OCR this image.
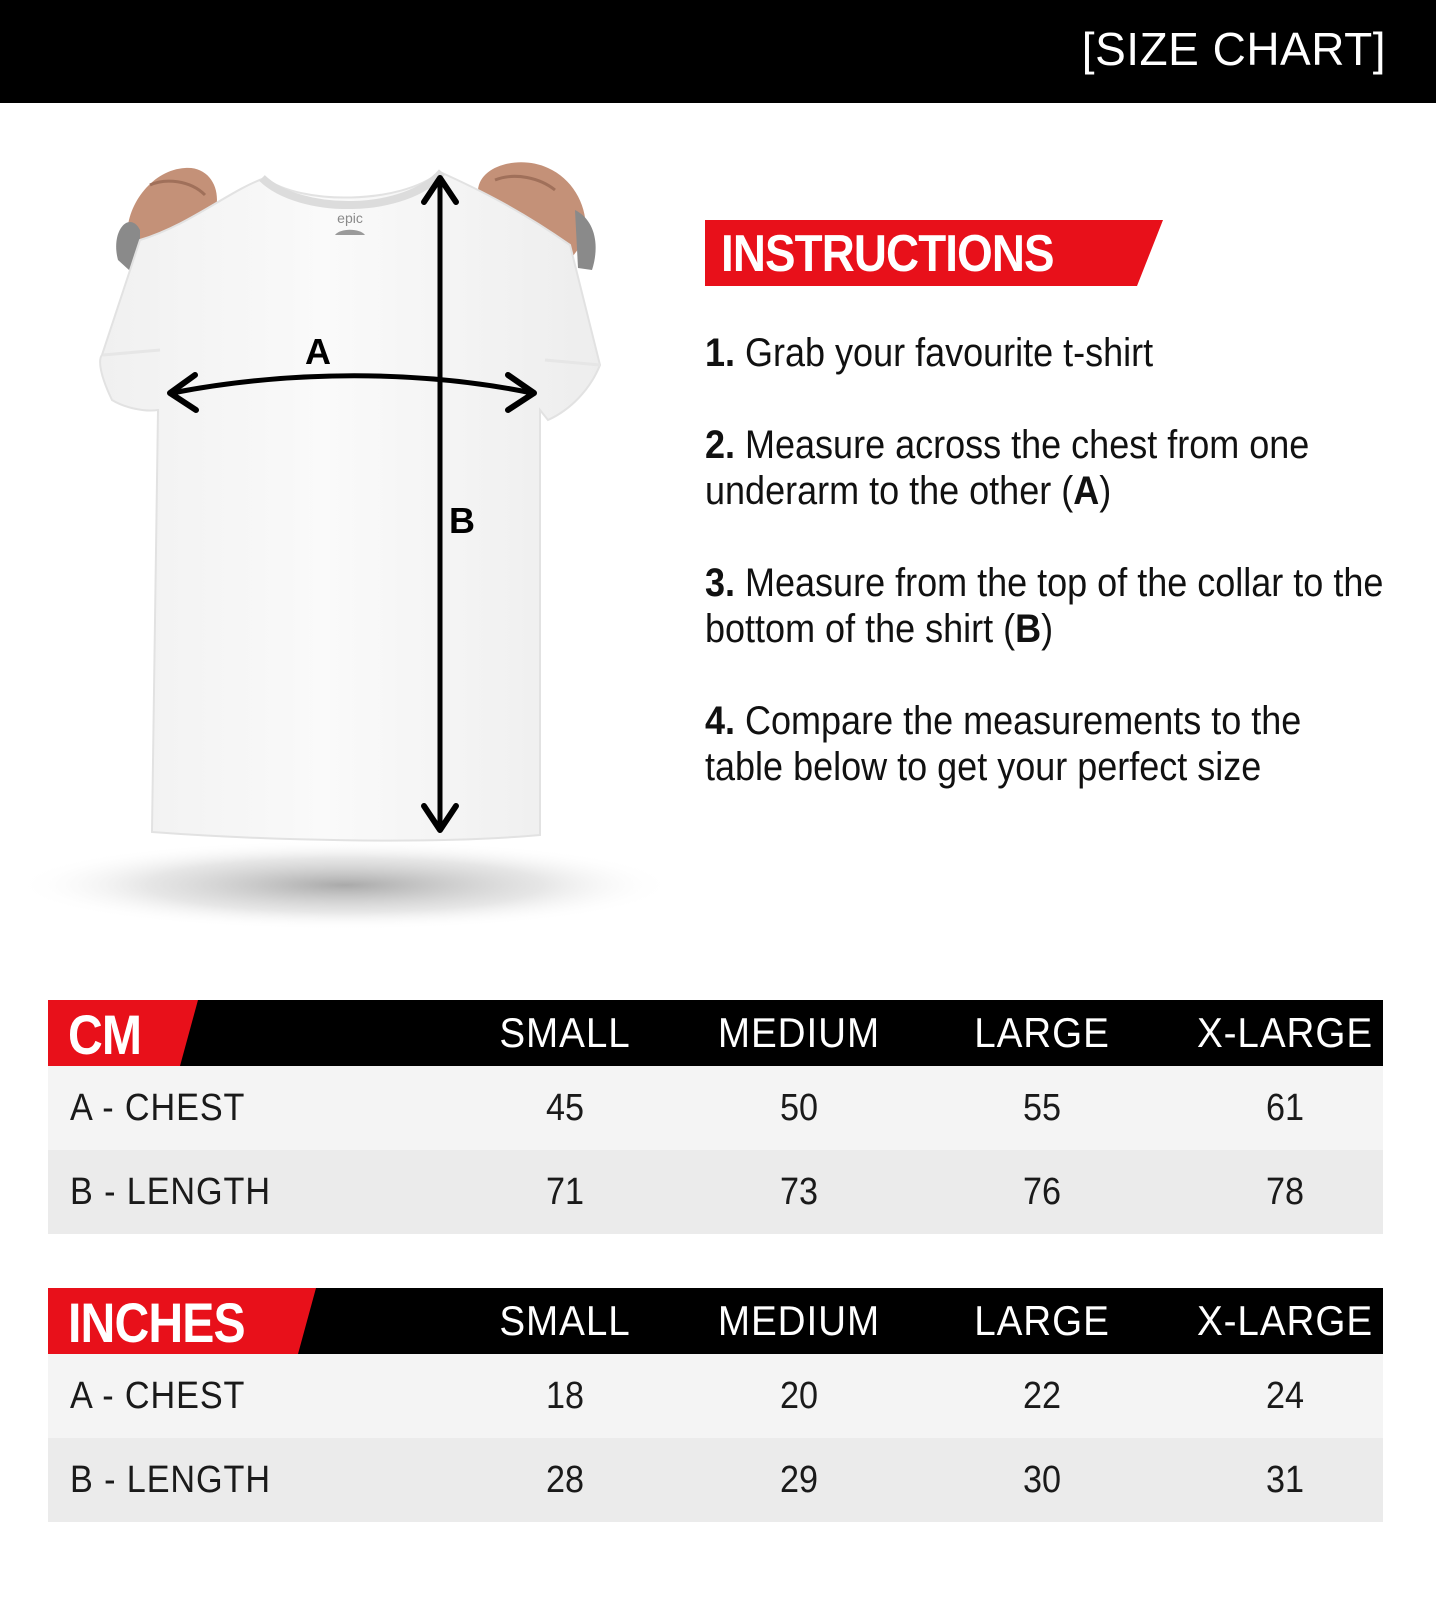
[SIZE CHART]
epic
A
B
INSTRUCTIONS
1. Grab your favourite t-shirt
2. Measure across the chest from one underarm to the other (A)
3. Measure from the top of the collar to the bottom of the shirt (B)
4. Compare the measurements to the table below to get your perfect size
CM	SMALL	MEDIUM	LARGE	X-LARGE
A - CHEST	45	50	55	61
B - LENGTH	71	73	76	78
INCHES	SMALL	MEDIUM	LARGE	X-LARGE
A - CHEST	18	20	22	24
B - LENGTH	28	29	30	31
